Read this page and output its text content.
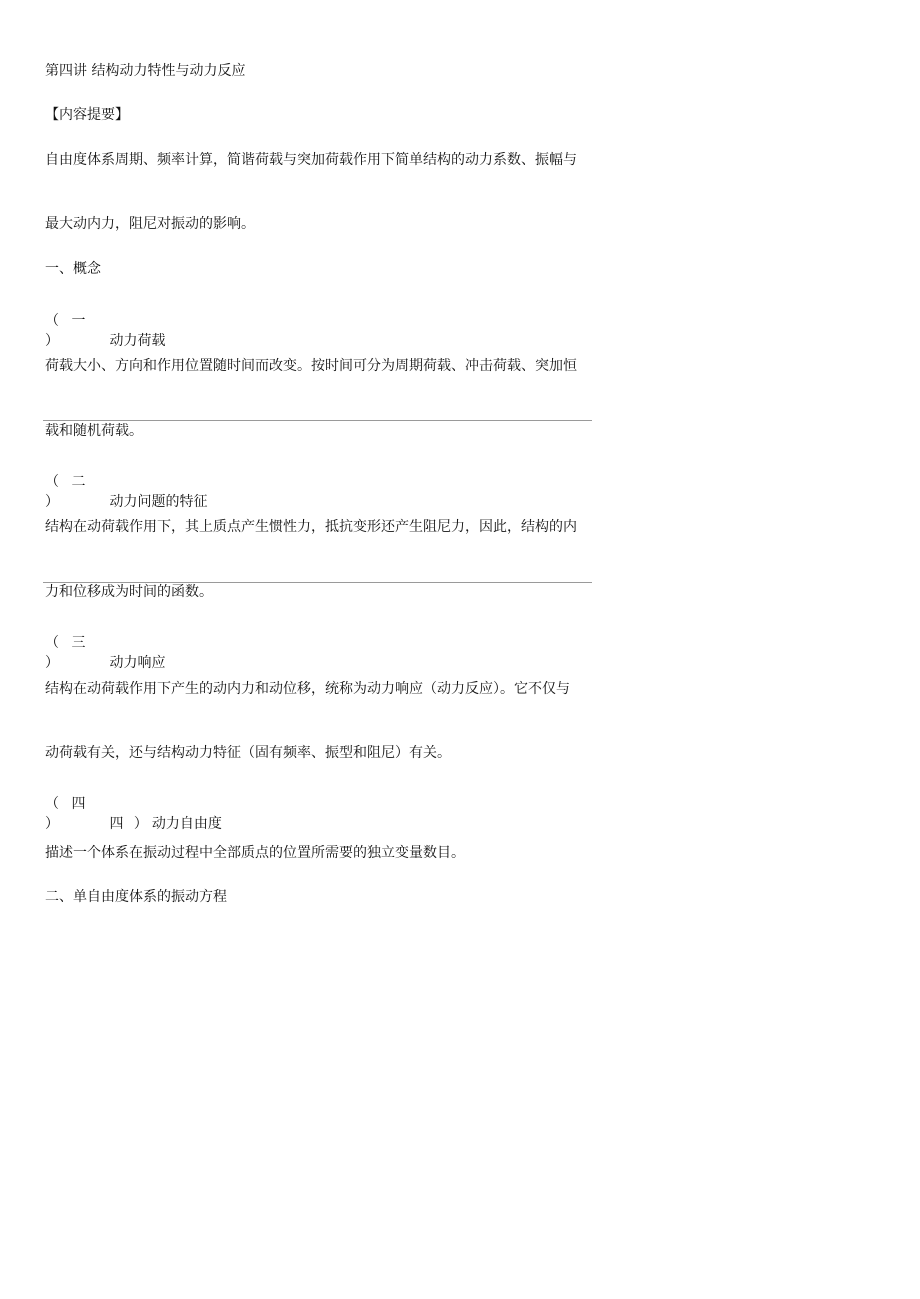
第四讲 结构动力特性与动力反应
【内容提要】
自由度体系周期、频率计算，简谐荷载与突加荷载作用下简单结构的动力系数、振幅与
最大动内力，阻尼对振动的影响。
一、概念
（ 一 ）	动力荷载
荷载大小、方向和作用位置随时间而改变。按时间可分为周期荷载、冲击荷载、突加恒
载和随机荷载。
（ 二 ）	动力问题的特征
结构在动荷载作用下，其上质点产生惯性力，抵抗变形还产生阻尼力，因此，结构的内
力和位移成为时间的函数。
（ 三 ）	动力响应
结构在动荷载作用下产生的动内力和动位移，统称为动力响应（动力反应）。它不仅与
动荷载有关，还与结构动力特征（固有频率、振型和阻尼）有关。
（ 四 ）	四 ） 动力自由度
描述一个体系在振动过程中全部质点的位置所需要的独立变量数目。
二、单自由度体系的振动方程
